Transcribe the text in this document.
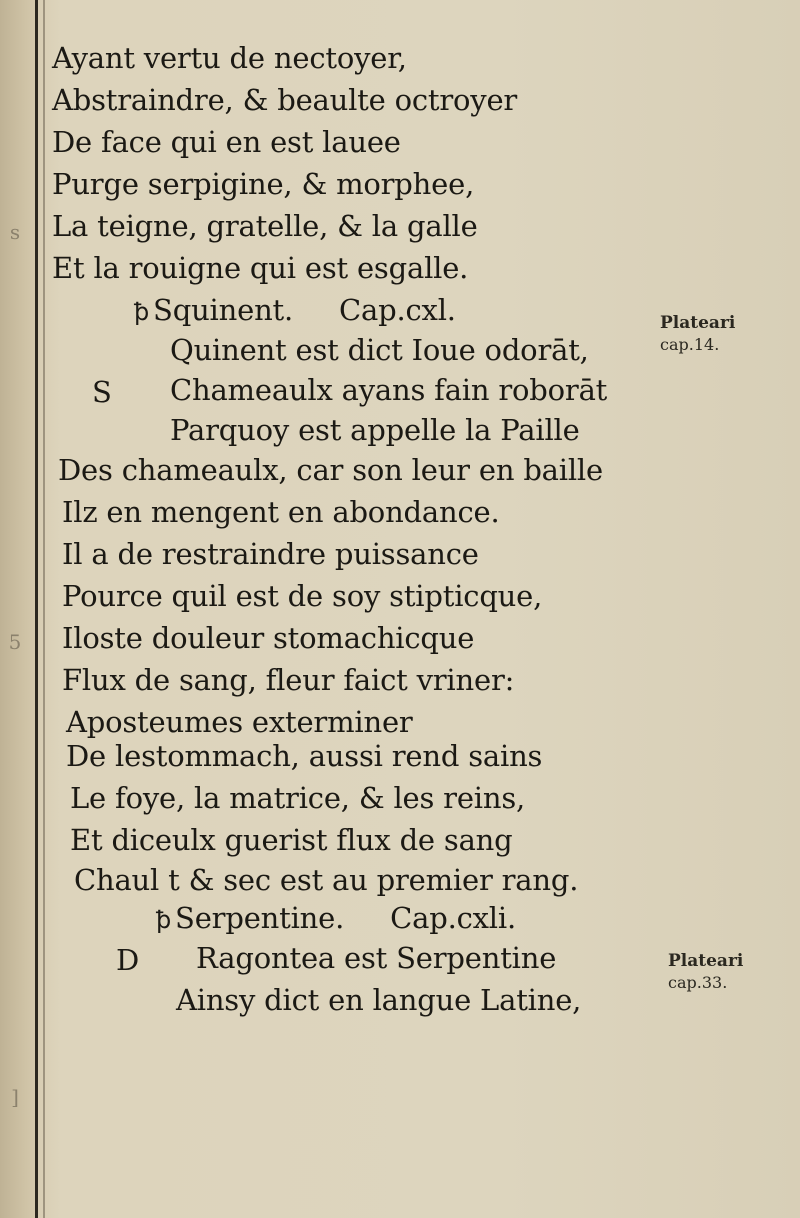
s
5
]
Ayant vertu de nectoyer,
Abstraindre, & beaulte octroyer
De face qui en est lauee
Purge serpigine, & morphee,
La teigne, gratelle, & la galle
Et la rouigne qui est esgalle.
ꝥ Squinent. Cap.cxl.
Quinent est dict Ioue odorāt,
S Chameaulx ayans fain roborāt
Parquoy est appelle la Paille
Des chameaulx, car son leur en baille
Ilz en mengent en abondance.
Il a de restraindre puissance
Pource quil est de soy stipticque,
Iloste douleur stomachicque
Flux de sang, fleur faict vriner:
Aposteumes exterminer
De lestommach, aussi rend sains
Le foye, la matrice, & les reins,
Et diceulx guerist flux de sang
Chaul t & sec est au premier rang.
ꝥ Serpentine. Cap.cxli.
D Ragontea est Serpentine
Ainsy dict en langue Latine,
Plateari
cap.14.
Plateari
cap.33.
